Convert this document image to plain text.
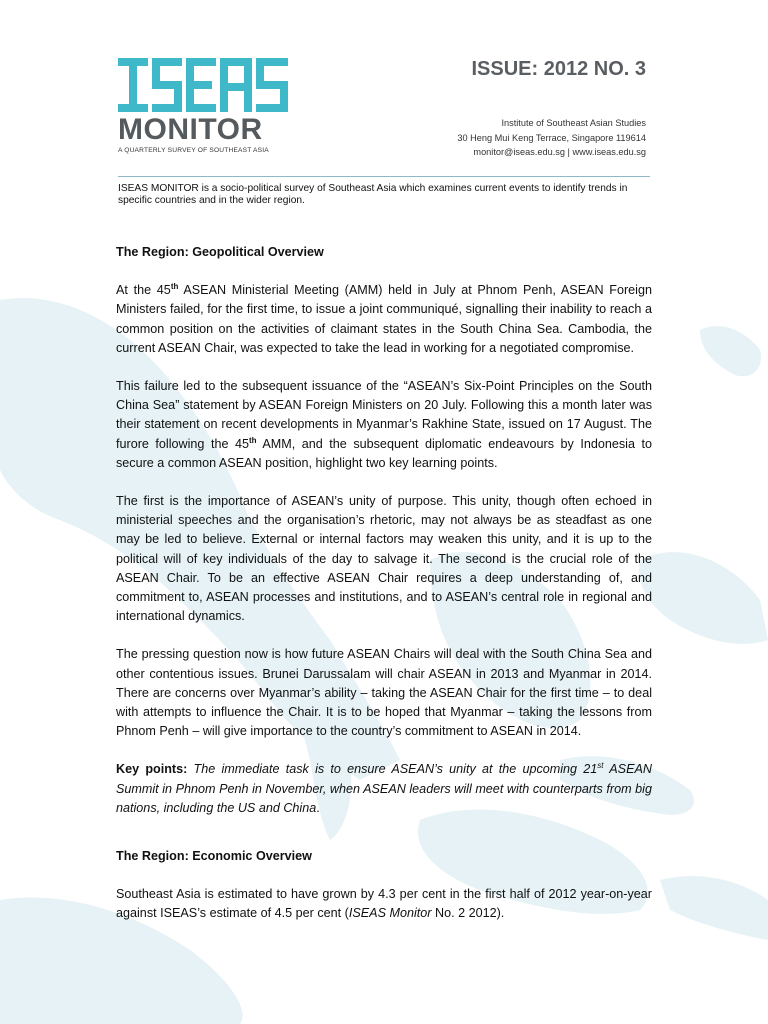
MONITOR
A QUARTERLY SURVEY OF SOUTHEAST ASIA
ISSUE: 2012 NO. 3
Institute of Southeast Asian Studies
30 Heng Mui Keng Terrace, Singapore 119614
monitor@iseas.edu.sg | www.iseas.edu.sg
ISEAS MONITOR is a socio-political survey of Southeast Asia which examines current events to identify trends in specific countries and in the wider region.
The Region: Geopolitical Overview

At the 45th ASEAN Ministerial Meeting (AMM) held in July at Phnom Penh, ASEAN Foreign Ministers failed, for the first time, to issue a joint communiqué, signalling their inability to reach a common position on the activities of claimant states in the South China Sea. Cambodia, the current ASEAN Chair, was expected to take the lead in working for a negotiated compromise.

This failure led to the subsequent issuance of the “ASEAN’s Six-Point Principles on the South China Sea” statement by ASEAN Foreign Ministers on 20 July. Following this a month later was their statement on recent developments in Myanmar’s Rakhine State, issued on 17 August. The furore following the 45th AMM, and the subsequent diplomatic endeavours by Indonesia to secure a common ASEAN position, highlight two key learning points.

The first is the importance of ASEAN’s unity of purpose. This unity, though often echoed in ministerial speeches and the organisation’s rhetoric, may not always be as steadfast as one may be led to believe. External or internal factors may weaken this unity, and it is up to the political will of key individuals of the day to salvage it. The second is the crucial role of the ASEAN Chair. To be an effective ASEAN Chair requires a deep understanding of, and commitment to, ASEAN processes and institutions, and to ASEAN’s central role in regional and international dynamics.

The pressing question now is how future ASEAN Chairs will deal with the South China Sea and other contentious issues. Brunei Darussalam will chair ASEAN in 2013 and Myanmar in 2014. There are concerns over Myanmar’s ability – taking the ASEAN Chair for the first time – to deal with attempts to influence the Chair. It is to be hoped that Myanmar – taking the lessons from Phnom Penh – will give importance to the country’s commitment to ASEAN in 2014.

Key points: The immediate task is to ensure ASEAN’s unity at the upcoming 21st ASEAN Summit in Phnom Penh in November, when ASEAN leaders will meet with counterparts from big nations, including the US and China.

The Region: Economic Overview

Southeast Asia is estimated to have grown by 4.3 per cent in the first half of 2012 year-on-year against ISEAS’s estimate of 4.5 per cent (ISEAS Monitor No. 2 2012).
